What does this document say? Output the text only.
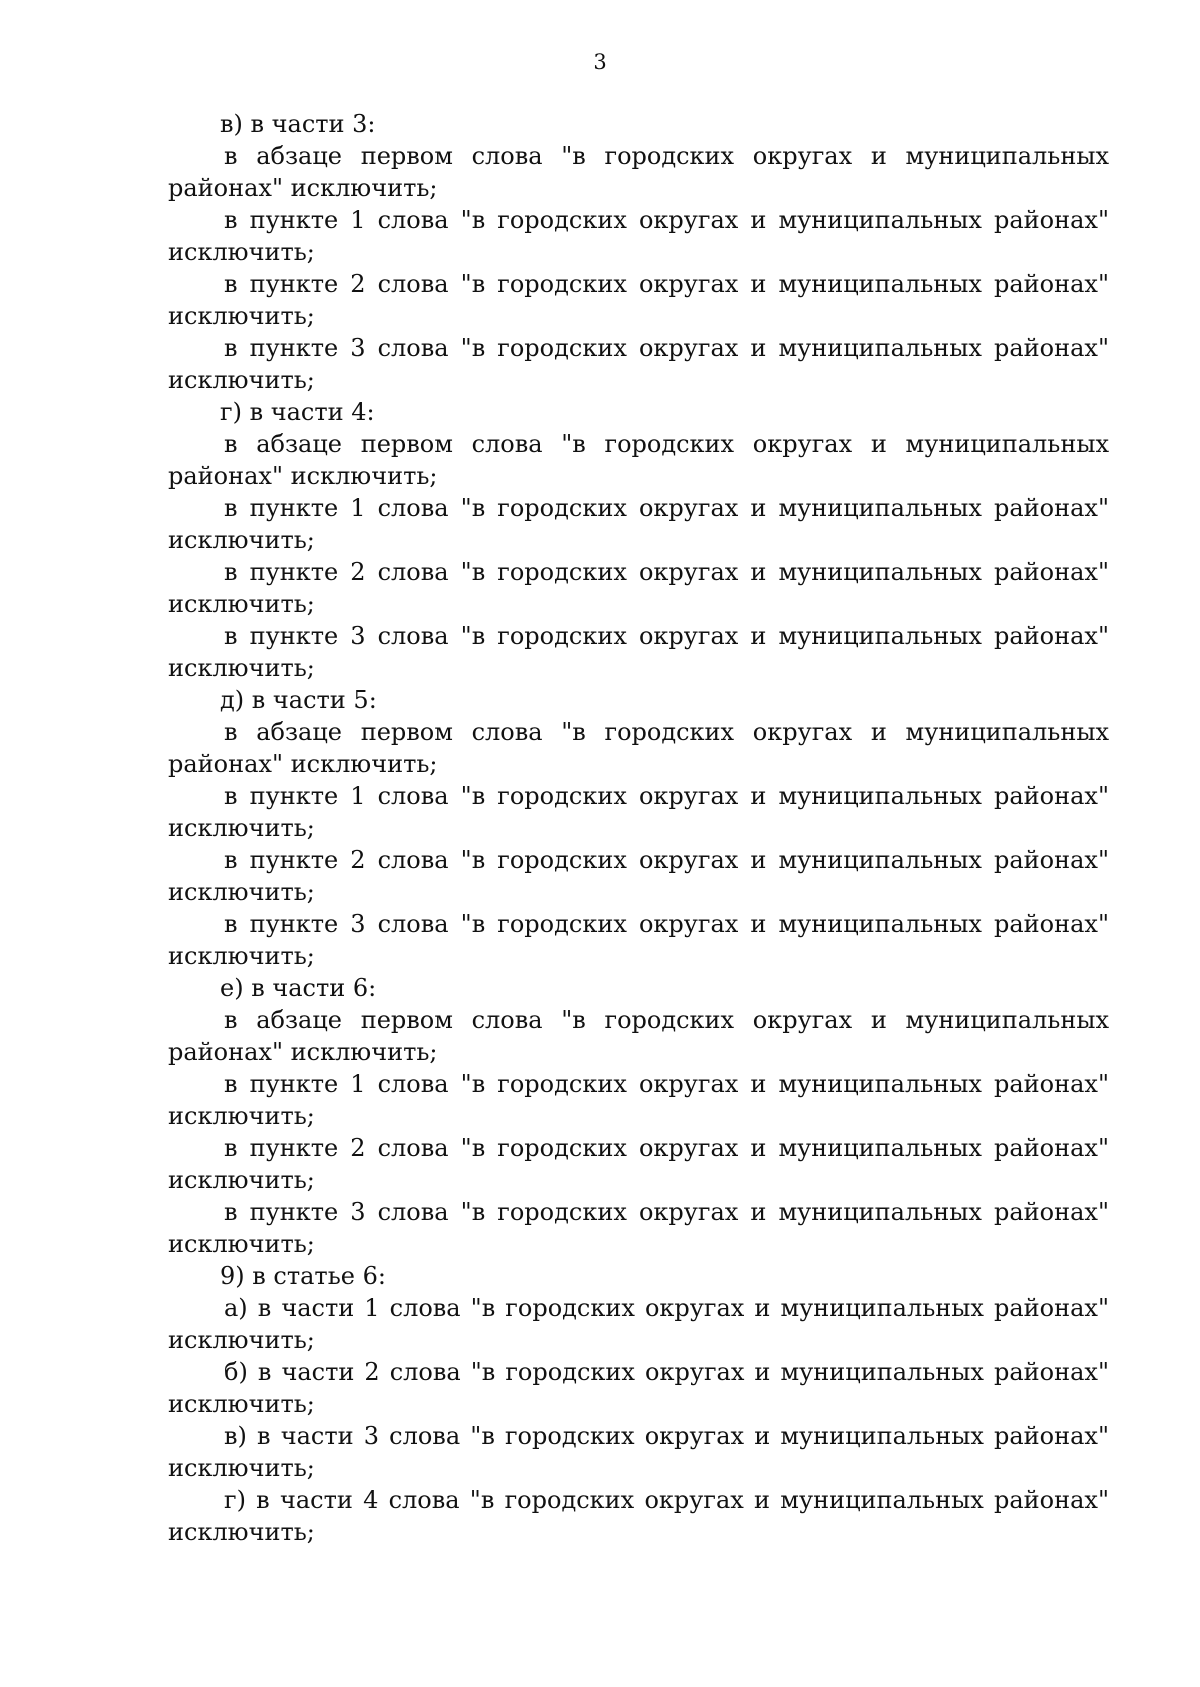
3

в) в части 3:

в абзаце первом слова "в городских округах и муниципальных районах" исключить;

в пункте 1 слова "в городских округах и муниципальных районах" исключить;

в пункте 2 слова "в городских округах и муниципальных районах" исключить;

в пункте 3 слова "в городских округах и муниципальных районах" исключить;

г) в части 4:

в абзаце первом слова "в городских округах и муниципальных районах" исключить;

в пункте 1 слова "в городских округах и муниципальных районах" исключить;

в пункте 2 слова "в городских округах и муниципальных районах" исключить;

в пункте 3 слова "в городских округах и муниципальных районах" исключить;

д) в части 5:

в абзаце первом слова "в городских округах и муниципальных районах" исключить;

в пункте 1 слова "в городских округах и муниципальных районах" исключить;

в пункте 2 слова "в городских округах и муниципальных районах" исключить;

в пункте 3 слова "в городских округах и муниципальных районах" исключить;

е) в части 6:

в абзаце первом слова "в городских округах и муниципальных районах" исключить;

в пункте 1 слова "в городских округах и муниципальных районах" исключить;

в пункте 2 слова "в городских округах и муниципальных районах" исключить;

в пункте 3 слова "в городских округах и муниципальных районах" исключить;

9) в статье 6:

а) в части 1 слова "в городских округах и муниципальных районах" исключить;

б) в части 2 слова "в городских округах и муниципальных районах" исключить;

в) в части 3 слова "в городских округах и муниципальных районах" исключить;

г) в части 4 слова "в городских округах и муниципальных районах" исключить;
